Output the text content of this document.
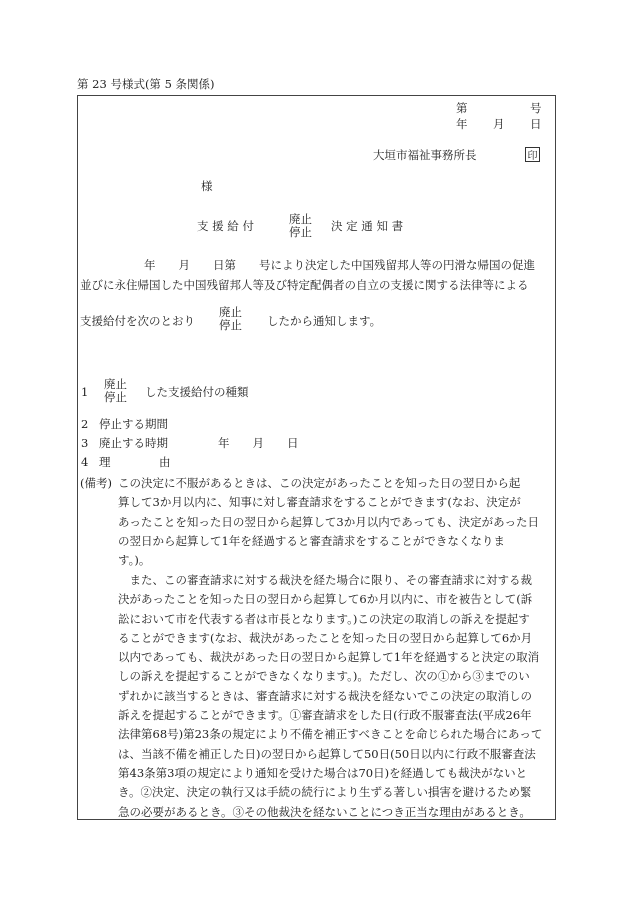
第 23 号様式(第 5 条関係)
第	号
年 月 日
大垣市福祉事務所長	印
様
支 援 給 付	廃止
停止 決 定 通 知 書
年　　月　　日第　　号により決定した中国残留邦人等の円滑な帰国の促進
並びに永住帰国した中国残留邦人等及び特定配偶者の自立の支援に関する法律等による
支援給付を次のとおり
廃止
停止 したから通知します。
1
廃止
停止 した支援給付の種類
2 停止する期間
3 廃止する時期	年　　月　　日
4 理	由
(備考) この決定に不服があるときは、この決定があったことを知った日の翌日から起
算して3か月以内に、知事に対し審査請求をすることができます(なお、決定が
あったことを知った日の翌日から起算して3か月以内であっても、決定があった日
の翌日から起算して1年を経過すると審査請求をすることができなくなりま
す。)。
　また、この審査請求に対する裁決を経た場合に限り、その審査請求に対する裁
決があったことを知った日の翌日から起算して6か月以内に、市を被告として(訴
訟において市を代表する者は市長となります。)この決定の取消しの訴えを提起す
ることができます(なお、裁決があったことを知った日の翌日から起算して6か月
以内であっても、裁決があった日の翌日から起算して1年を経過すると決定の取消
しの訴えを提起することができなくなります。)。ただし、次の①から③までのい
ずれかに該当するときは、審査請求に対する裁決を経ないでこの決定の取消しの
訴えを提起することができます。①審査請求をした日(行政不服審査法(平成26年
法律第68号)第23条の規定により不備を補正すべきことを命じられた場合にあって
は、当該不備を補正した日)の翌日から起算して50日(50日以内に行政不服審査法
第43条第3項の規定により通知を受けた場合は70日)を経過しても裁決がないと
き。②決定、決定の執行又は手続の続行により生ずる著しい損害を避けるため緊
急の必要があるとき。③その他裁決を経ないことにつき正当な理由があるとき。
